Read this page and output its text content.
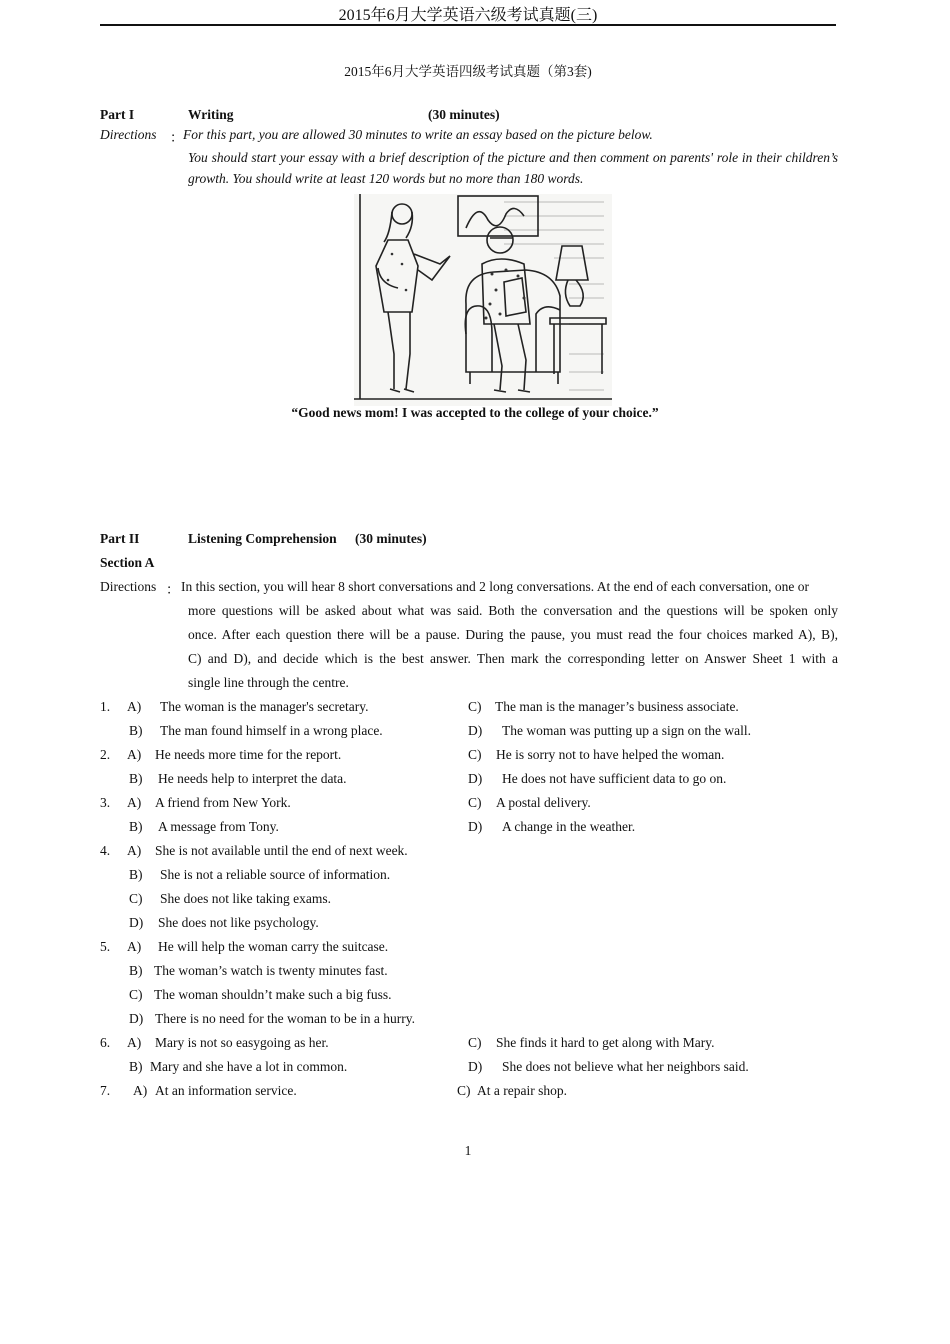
2015年6月大学英语六级考试真题(三)
2015年6月大学英语四级考试真题（第3套)
Part I	Writing	(30 minutes)
Directions ： For this part, you are allowed 30 minutes to write an essay based on the picture below.
You should start your essay with a brief description of the picture and then comment on parents' role in their children’s growth. You should write at least 120 words but no more than 180 words.
“Good news mom! I was accepted to the college of your choice.”
Part II	Listening Comprehension (30 minutes)
Section A
Directions ： In this section, you will hear 8 short conversations and 2 long conversations. At the end of each conversation, one or
more questions will be asked about what was said. Both the conversation and the questions will be spoken only
once. After each question there will be a pause. During the pause, you must read the four choices marked A), B),
C) and D), and decide which is the best answer. Then mark the corresponding letter on Answer Sheet 1 with a
single line through the centre.
1. A) The woman is the manager's secretary.	C) The man is the manager’s business associate.
B) The man found himself in a wrong place.	D) The woman was putting up a sign on the wall.
2. A) He needs more time for the report.	C) He is sorry not to have helped the woman.
B) He needs help to interpret the data.	D) He does not have sufficient data to go on.
3. A) A friend from New York.	C) A postal delivery.
B) A message from Tony.	D) A change in the weather.
4. A) She is not available until the end of next week.
B) She is not a reliable source of information.
C) She does not like taking exams.
D) She does not like psychology.
5. A) He will help the woman carry the suitcase.
B) The woman’s watch is twenty minutes fast.
C) The woman shouldn’t make such a big fuss.
D) There is no need for the woman to be in a hurry.
6. A) Mary is not so easygoing as her.	C) She finds it hard to get along with Mary.
B) Mary and she have a lot in common.	D) She does not believe what her neighbors said.
7. A) At an information service.	C) At a repair shop.
1
